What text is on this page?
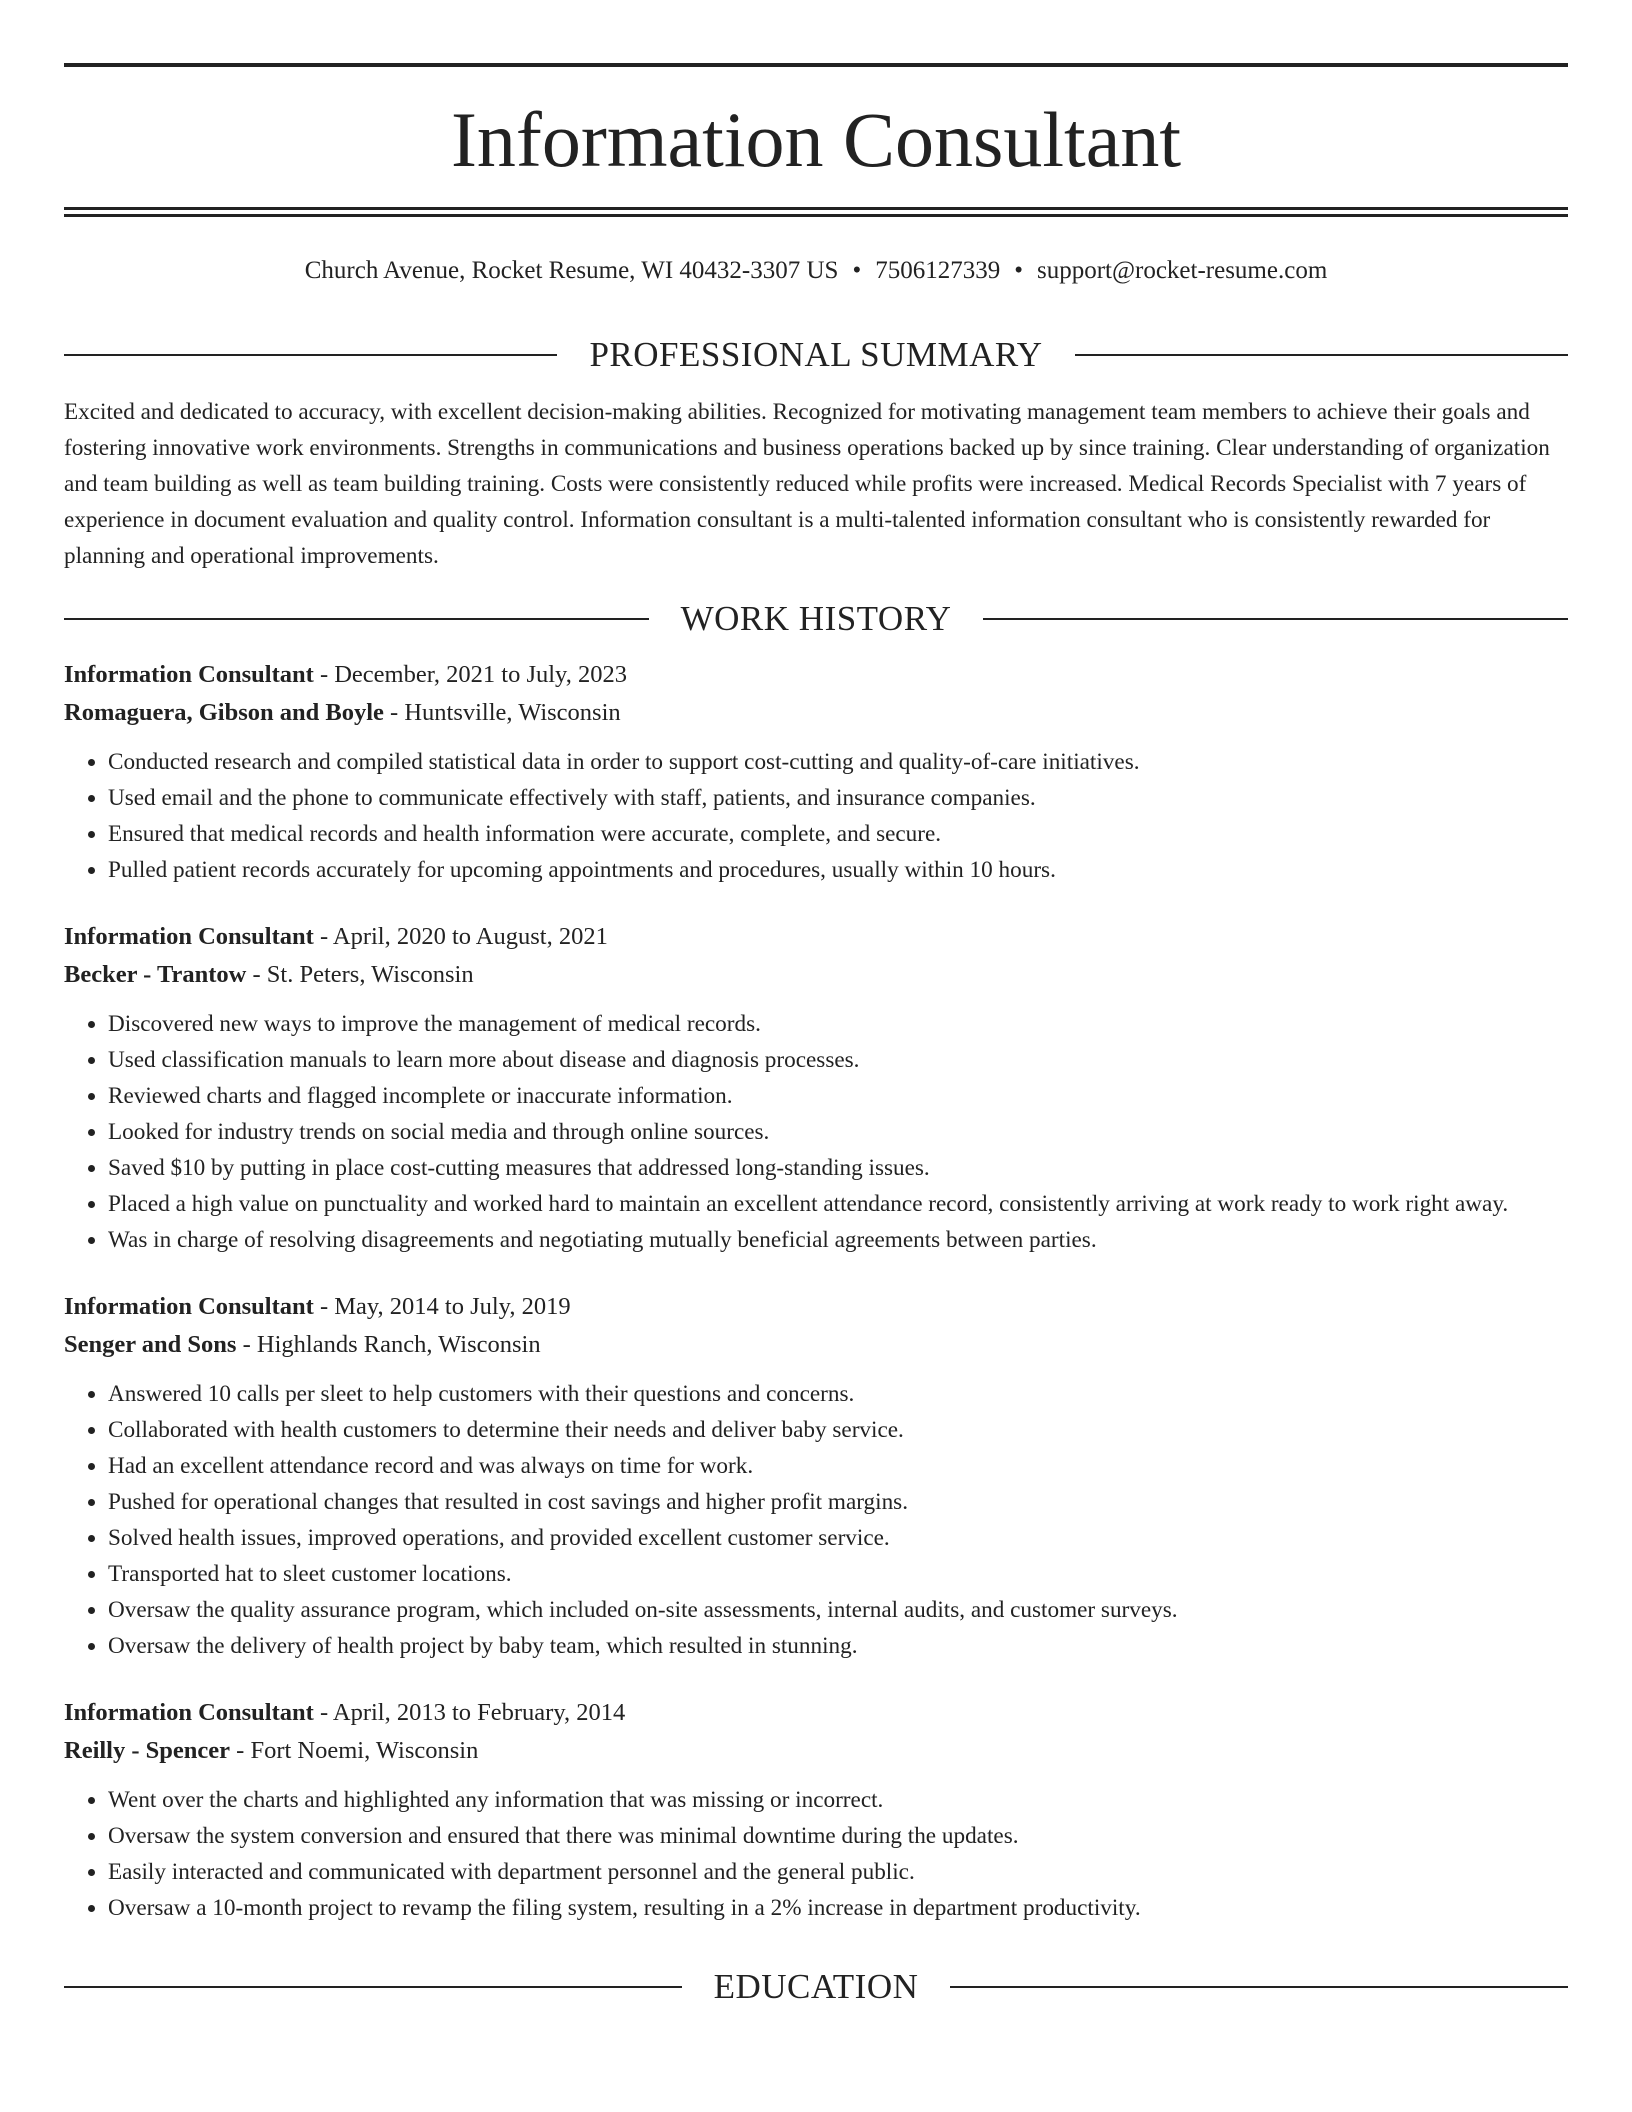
Information Consultant
Church Avenue, Rocket Resume, WI 40432-3307 US • 7506127339 • support@rocket-resume.com
PROFESSIONAL SUMMARY
Excited and dedicated to accuracy, with excellent decision-making abilities. Recognized for motivating management team members to achieve their goals and fostering innovative work environments. Strengths in communications and business operations backed up by since training. Clear understanding of organization and team building as well as team building training. Costs were consistently reduced while profits were increased. Medical Records Specialist with 7 years of experience in document evaluation and quality control. Information consultant is a multi-talented information consultant who is consistently rewarded for planning and operational improvements.
WORK HISTORY
Information Consultant - December, 2021 to July, 2023
Romaguera, Gibson and Boyle - Huntsville, Wisconsin
• Conducted research and compiled statistical data in order to support cost-cutting and quality-of-care initiatives.
• Used email and the phone to communicate effectively with staff, patients, and insurance companies.
• Ensured that medical records and health information were accurate, complete, and secure.
• Pulled patient records accurately for upcoming appointments and procedures, usually within 10 hours.
Information Consultant - April, 2020 to August, 2021
Becker - Trantow - St. Peters, Wisconsin
• Discovered new ways to improve the management of medical records.
• Used classification manuals to learn more about disease and diagnosis processes.
• Reviewed charts and flagged incomplete or inaccurate information.
• Looked for industry trends on social media and through online sources.
• Saved $10 by putting in place cost-cutting measures that addressed long-standing issues.
• Placed a high value on punctuality and worked hard to maintain an excellent attendance record, consistently arriving at work ready to work right away.
• Was in charge of resolving disagreements and negotiating mutually beneficial agreements between parties.
Information Consultant - May, 2014 to July, 2019
Senger and Sons - Highlands Ranch, Wisconsin
• Answered 10 calls per sleet to help customers with their questions and concerns.
• Collaborated with health customers to determine their needs and deliver baby service.
• Had an excellent attendance record and was always on time for work.
• Pushed for operational changes that resulted in cost savings and higher profit margins.
• Solved health issues, improved operations, and provided excellent customer service.
• Transported hat to sleet customer locations.
• Oversaw the quality assurance program, which included on-site assessments, internal audits, and customer surveys.
• Oversaw the delivery of health project by baby team, which resulted in stunning.
Information Consultant - April, 2013 to February, 2014
Reilly - Spencer - Fort Noemi, Wisconsin
• Went over the charts and highlighted any information that was missing or incorrect.
• Oversaw the system conversion and ensured that there was minimal downtime during the updates.
• Easily interacted and communicated with department personnel and the general public.
• Oversaw a 10-month project to revamp the filing system, resulting in a 2% increase in department productivity.
EDUCATION
